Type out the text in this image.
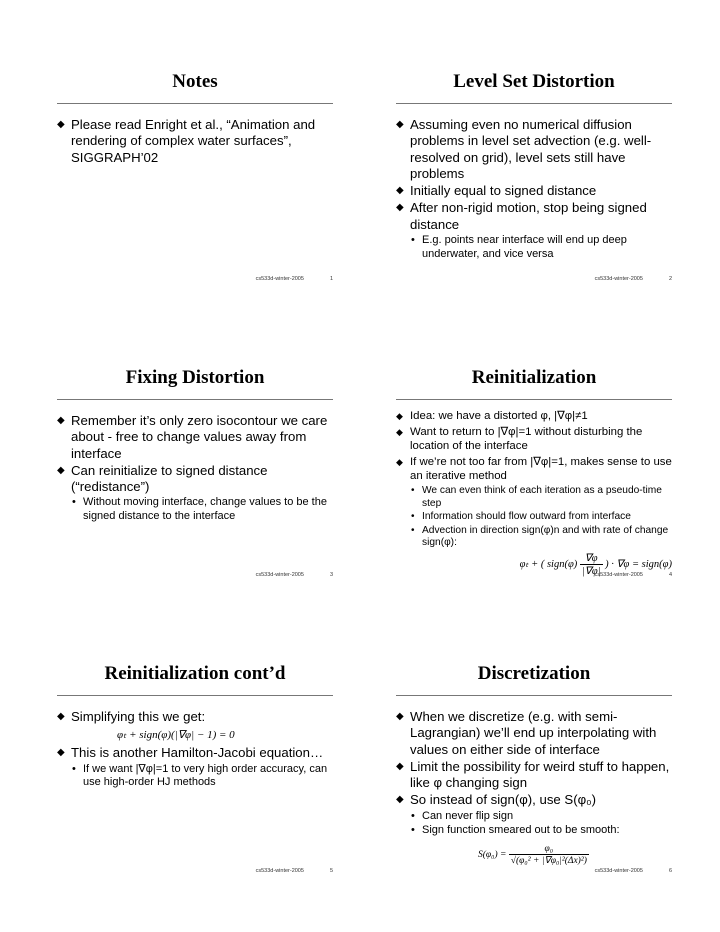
Notes
◆ Please read Enright et al., “Animation and rendering of complex water surfaces”, SIGGRAPH’02
cs533d-winter-2005	1
Level Set Distortion
◆ Assuming even no numerical diffusion problems in level set advection (e.g. well-resolved on grid), level sets still have problems
◆ Initially equal to signed distance
◆ After non-rigid motion, stop being signed distance
• E.g. points near interface will end up deep underwater, and vice versa
cs533d-winter-2005	2
Fixing Distortion
◆ Remember it’s only zero isocontour we care about - free to change values away from interface
◆ Can reinitialize to signed distance (“redistance”)
• Without moving interface, change values to be the signed distance to the interface
cs533d-winter-2005	3
Reinitialization
◆ Idea: we have a distorted φ, |∇φ|≠1
◆ Want to return to |∇φ|=1 without disturbing the location of the interface
◆ If we’re not too far from |∇φ|=1, makes sense to use an iterative method
• We can even think of each iteration as a pseudo-time step
• Information should flow outward from interface
• Advection in direction sign(φ)n and with rate of change sign(φ):
φₜ + ( sign(φ) $\frac{\nabla\varphi}{|\nabla\varphi|}$ ) · ∇φ = sign(φ)
cs533d-winter-2005	4
Reinitialization cont’d
◆ Simplifying this we get:
φₜ + sign(φ)(|∇φ| − 1) = 0
◆ This is another Hamilton-Jacobi equation…
• If we want |∇φ|=1 to very high order accuracy, can use high-order HJ methods
cs533d-winter-2005	5
Discretization
◆ When we discretize (e.g. with semi-Lagrangian) we’ll end up interpolating with values on either side of interface
◆ Limit the possibility for weird stuff to happen, like φ changing sign
◆ So instead of sign(φ), use S(φ₀)
• Can never flip sign
• Sign function smeared out to be smooth:
$S(\varphi_0) = \frac{\text{φ₀}}{\text{√(φ₀² + |∇φ₀|²(Δx)²)}}$
cs533d-winter-2005	6
